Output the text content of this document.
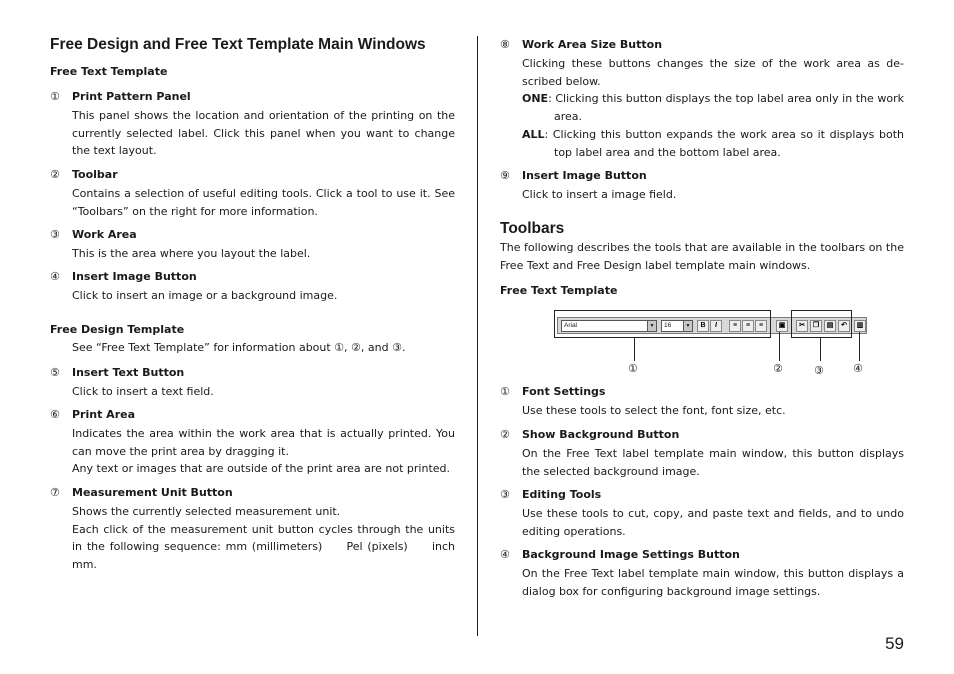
Free Design and Free Text Template Main Windows
Free Text Template
① Print Pattern Panel

This panel shows the location and orientation of the printing on the currently selected label. Click this panel when you want to change the text layout.

② Toolbar

Contains a selection of useful editing tools. Click a tool to use it. See “Toolbars” on the right for more information.

③ Work Area

This is the area where you layout the label.

④ Insert Image Button

Click to insert an image or a background image.

Free Design Template
See “Free Text Template” for information about ①, ②, and ③.
⑤ Insert Text Button

Click to insert a text field.

⑥ Print Area

Indicates the area within the work area that is actually printed. You can move the print area by dragging it.

Any text or images that are outside of the print area are not printed.

⑦ Measurement Unit Button

Shows the currently selected measurement unit.

Each click of the measurement unit button cycles through the units in the following sequence: mm (millimeters)     Pel (pixels)     inch mm.

⑧ Work Area Size Button

Clicking these buttons changes the size of the work area as de-scribed below.

ONE: Clicking this button displays the top label area only in the work area.
ALL: Clicking this button expands the work area so it displays both top label area and the bottom label area.
⑨ Insert Image Button

Click to insert a image field.

Toolbars
The following describes the tools that are available in the toolbars on the Free Text and Free Design label template main windows.
Free Text Template
① Font Settings

Use these tools to select the font, font size, etc.

② Show Background Button

On the Free Text label template main window, this button displays the selected background image.

③ Editing Tools

Use these tools to cut, copy, and paste text and fields, and to undo editing operations.

④ Background Image Settings Button

On the Free Text label template main window, this button displays a dialog box for configuring background image settings.

Arial	▼	16	▼	B	I	≡	≡	≡	▣	✂	❐	▤	↶	▥
①	②	③	④
59
